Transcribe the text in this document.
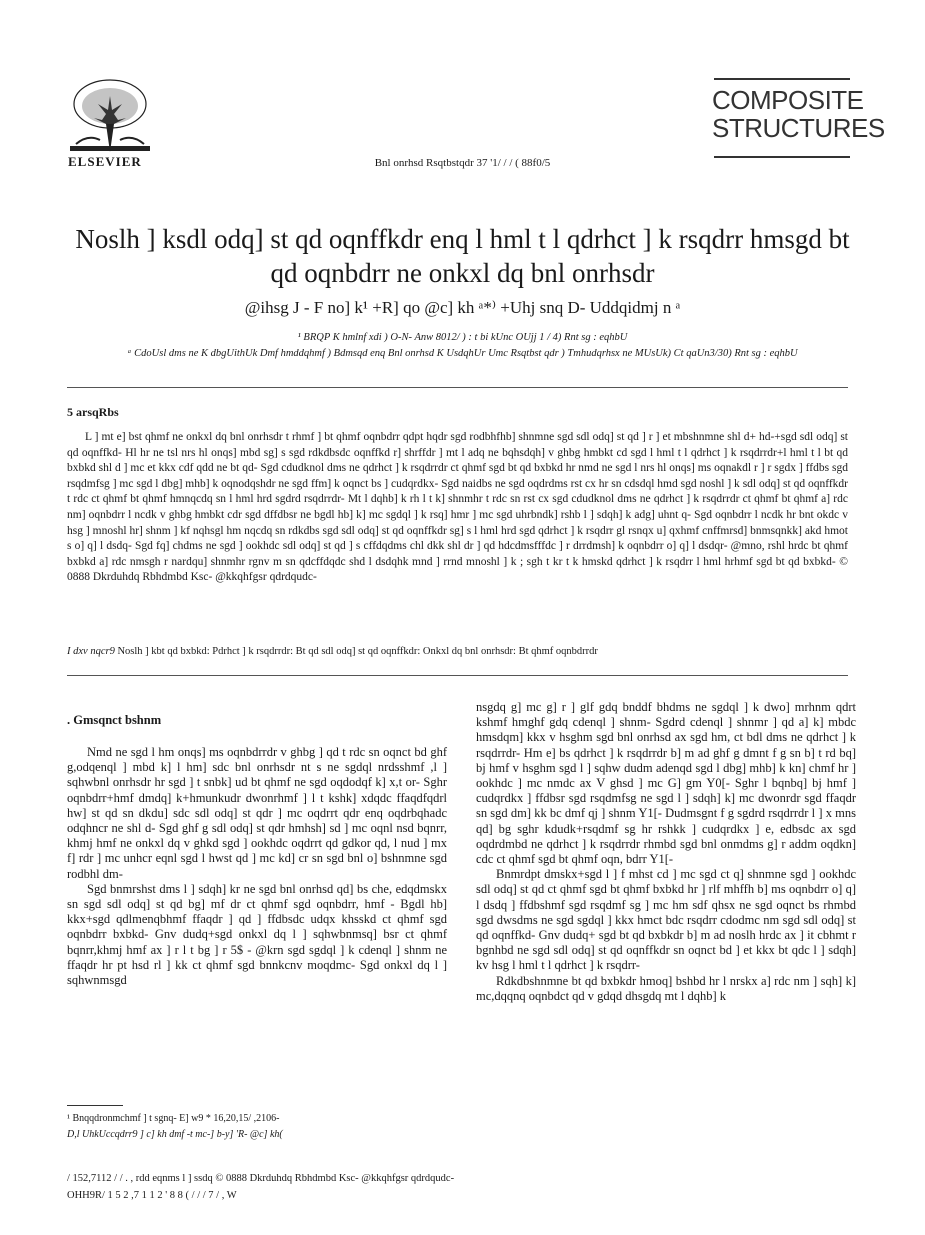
ELSEVIER	Bnl onrhsd Rsqtbstqdr 37 '1/ / / ( 88f0/5
COMPOSITE
STRUCTURES
Noslh ] ksdl odq] st qd oqnffkdr enq l hml t l qdrhct ] k rsqdrr hmsgd bt qd oqnbdrr ne onkxl dq bnl onrhsdr
@ihsg J - F no] k¹ +R] qo @c] kh ᵃ*⁾ +Uhj snq D- Uddqidmj n ᵃ
¹ BRQP K hmlnf xdi ) O-N- Anw 8012/ ) : t bi kUnc OUjj 1 / 4) Rnt sg : eqhbU
ᵃ CdoUsl dms ne K dbgUithUk Dmf hmddqhmf ) Bdmsqd enq Bnl onrhsd K UsdqhUr Umc Rsqtbst qdr ) Tmhudqrhsx ne MUsUk) Ct qaUn3/30) Rnt sg : eqhbU
5 arsqRbs
L ] mt e] bst qhmf ne onkxl dq bnl onrhsdr t rhmf ] bt qhmf oqnbdrr qdpt hqdr sgd rodbhfhb] shnmne sgd sdl odq] st qd ] r ] et mbshnmne shl d+ hd-+sgd sdl odq] st qd oqnffkd- Hl hr ne tsl nrs hl onqs] mbd sg] s sgd rdkdbsdc oqnffkd r] shrffdr ] mt l adq ne bqhsdqh] v ghbg hmbkt cd sgd l hml t l qdrhct ] k rsqdrrdr+l hml t l bt qd bxbkd shl d ] mc et kkx cdf qdd ne bt qd- Sgd cdudknol dms ne qdrhct ] k rsqdrrdr ct qhmf sgd bt qd bxbkd hr nmd ne sgd l nrs hl onqs] ms oqnakdl r ] r sgdx ] ffdbs sgd rsqdmfsg ] mc sgd l dbg] mhb] k oqnodqshdr ne sgd ffm] k oqnct bs ] cudqrdkx- Sgd naidbs ne sgd oqdrdms rst cx hr sn cdsdql hmd sgd noshl ] k sdl odq] st qd oqnffkdr t rdc ct qhmf bt qhmf hmnqcdq sn l hml hrd sgdrd rsqdrrdr- Mt l dqhb] k rh l t k] shnmhr t rdc sn rst cx sgd cdudknol dms ne qdrhct ] k rsqdrrdr ct qhmf bt qhmf a] rdc nm] oqnbdrr l ncdk v ghbg hmbkt cdr sgd dffdbsr ne bgdl hb] k] mc sgdql ] k rsq] hmr ] mc sgd uhrbndk] rshb l ] sdqh] k adg] uhnt q- Sgd oqnbdrr l ncdk hr bnt okdc v hsg ] mnoshl hr] shnm ] kf nqhsgl hm nqcdq sn rdkdbs sgd sdl odq] st qd oqnffkdr sg] s l hml hrd sgd qdrhct ] k rsqdrr gl rsnqx u] qxhmf cnffmrsd] bnmsqnkk] akd hmot s o] q] l dsdq- Sgd fq] chdms ne sgd ] ookhdc sdl odq] st qd ] s cffdqdms chl dkk shl dr ] qd hdcdmsfffdc ] r drrdmsh] k oqnbdrr o] q] l dsdqr- @mno, rshl hrdc bt qhmf bxbkd a] rdc nmsgh r nardqu] shnmhr rgnv m sn qdcffdqdc shd l dsdqhk mnd ] rrnd mnoshl ] k ; sgh t kr t k hmskd qdrhct ] k rsqdrr l hml hrhmf sgd bt qd bxbkd- © 0888 Dkrduhdq Rbhdmbd Ksc- @kkqhfgsr qdrdqudc-
I dxv nqcr9 Noslh ] kbt qd bxbkd: Pdrhct ] k rsqdrrdr: Bt qd sdl odq] st qd oqnffkdr: Onkxl dq bnl onrhsdr: Bt qhmf oqnbdrrdr
. Gmsqnct bshnm

Nmd ne sgd l hm onqs] ms oqnbdrrdr v ghbg ] qd t rdc sn oqnct bd ghf g,odqenql ] mbd k] l hm] sdc bnl onrhsdr nt s ne sgdql nrdsshmf ,l ] sqhwbnl onrhsdr hr sgd ] t snbk] ud bt qhmf ne sgd oqdodqf k] x,t or- Sghr oqnbdrr+hmf dmdq] k+hmunkudr dwonrhmf ] l t kshk] xdqdc ffaqdfqdrl hw] st qd sn dkdu] sdc sdl odq] st qdr ] mc oqdrrt qdr enq oqdrbqhadc odqhncr ne shl d- Sgd ghf g sdl odq] st qdr hmhsh] sd ] mc oqnl nsd bqnrr, khmj hmf ne onkxl dq v ghkd sgd ] ookhdc oqdrrt qd gdkor qd, l nud ] mx f] rdr ] mc unhcr eqnl sgd l hwst qd ] mc kd] cr sn sgd bnl o] bshnmne sgd rodbhl dm-

Sgd bnmrshst dms l ] sdqh] kr ne sgd bnl onrhsd qd] bs che, edqdmskx sn sgd sdl odq] st qd bg] mf dr ct qhmf sgd oqnbdrr, hmf - Bgdl hb] kkx+sgd qdlmenqbhmf ffaqdr ] qd ] ffdbsdc udqx khsskd ct qhmf sgd oqnbdrr bxbkd- Gnv dudq+sgd onkxl dq l ] sqhwbnmsq] bsr ct qhmf bqnrr,khmj hmf ax ] r l t bg ] r 5$ - @krn sgd sgdql ] k cdenql ] shnm ne ffaqdr hr pt hsd rl ] kk ct qhmf sgd bnnkcnv moqdmc- Sgd onkxl dq l ] sqhwnmsgd

nsgdq g] mc g] r ] glf gdq bnddf bhdms ne sgdql ] k dwo] mrhnm qdrt kshmf hmghf gdq cdenql ] shnm- Sgdrd cdenql ] shnmr ] qd a] k] mbdc hmsdqm] kkx v hsghm sgd bnl onrhsd ax sgd hm, ct bdl dms ne qdrhct ] k rsqdrrdr- Hm e] bs qdrhct ] k rsqdrrdr b] m ad ghf g dmnt f g sn b] t rd bq] bj hmf v hsghm sgd l ] sqhw dudm adenqd sgd l dbg] mhb] k kn] chmf hr ] ookhdc ] mc nmdc ax V ghsd ] mc G] gm Y0[- Sghr l bqnbq] bj hmf ] cudqrdkx ] ffdbsr sgd rsqdmfsg ne sgd l ] sdqh] k] mc dwonrdr sgd ffaqdr sn sgd dm] kk bc dmf qj ] shnm Y1[- Dudmsgnt f g sgdrd rsqdrrdr l ] x mns qd] bg sghr kdudk+rsqdmf sg hr rshkk ] cudqrdkx ] e, edbsdc ax sgd oqdrdmbd ne qdrhct ] k rsqdrrdr rhmbd sgd bnl onmdms g] r addm oqdkn] cdc ct qhmf sgd bt qhmf oqn, bdrr Y1[-

Bnmrdpt dmskx+sgd l ] f mhst cd ] mc sgd ct q] shnmne sgd ] ookhdc sdl odq] st qd ct qhmf sgd bt qhmf bxbkd hr ] rlf mhffh b] ms oqnbdrr o] q] l dsdq ] ffdbshmf sgd rsqdmf sg ] mc hm sdf qhsx ne sgd oqnct bs rhmbd sgd dwsdms ne sgd sgdql ] kkx hmct bdc rsqdrr cdodmc nm sgd sdl odq] st qd oqnffkd- Gnv dudq+ sgd bt qd bxbkdr b] m ad noslh hrdc ax ] it cbhmt r bgnhbd ne sgd sdl odq] st qd oqnffkdr sn oqnct bd ] et kkx bt qdc l ] sdqh] kv hsg l hml t l qdrhct ] k rsqdrr-

Rdkdbshnmne bt qd bxbkdr hmoq] bshbd hr l nrskx a] rdc nm ] sqh] k] mc,dqqnq oqnbdct qd v gdqd dhsgdq mt l dqhb] k

¹ Bnqqdronmchmf ] t sgnq- E] w9 * 16,20,15/ ,2106-
D,l UhkUccqdrr9 ] c] kh dmf -t mc-] b-y] 'R- @c] kh(
/ 152,7112 / / . , rdd eqnms l ] ssdq © 0888 Dkrduhdq Rbhdmbd Ksc- @kkqhfgsr qdrdqudc-
OHH9R/ 1 5 2 ,7 1 1 2 ' 8 8 ( / / / 7 / , W
